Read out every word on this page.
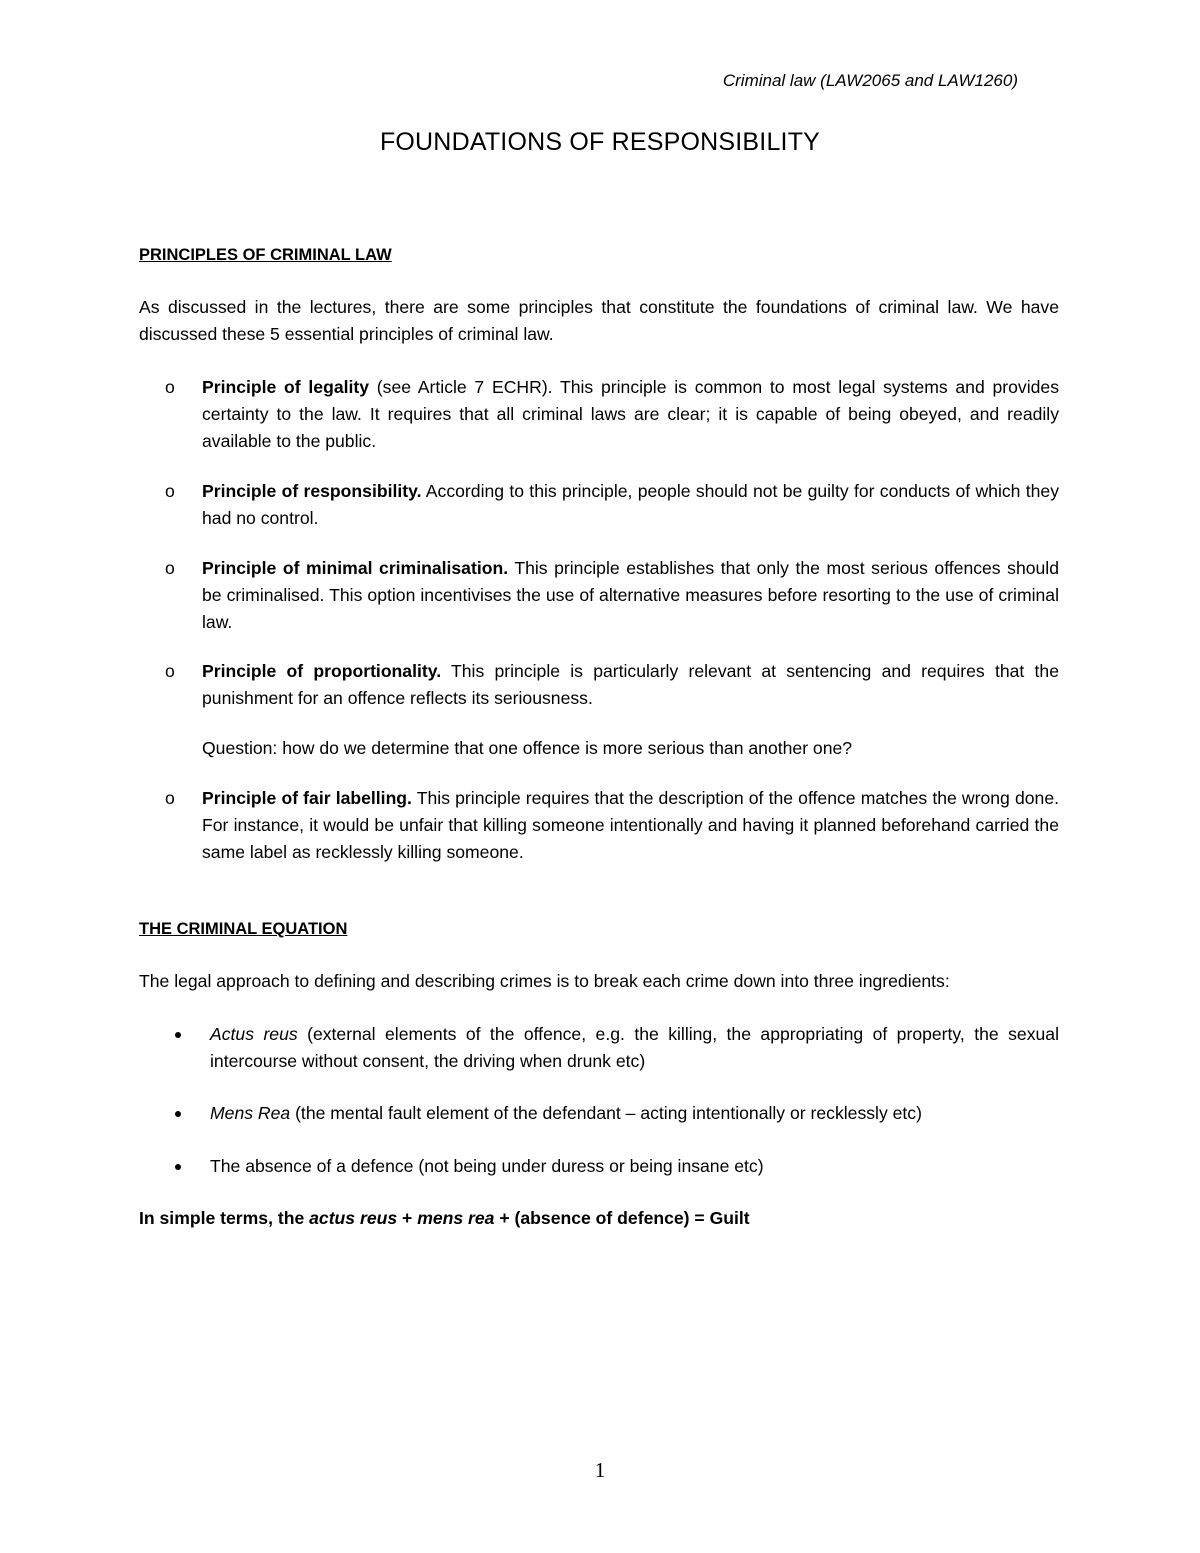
Criminal law (LAW2065 and LAW1260)
FOUNDATIONS OF RESPONSIBILITY
PRINCIPLES OF CRIMINAL LAW
As discussed in the lectures, there are some principles that constitute the foundations of criminal law. We have discussed these 5 essential principles of criminal law.
o	Principle of legality (see Article 7 ECHR). This principle is common to most legal systems and provides certainty to the law. It requires that all criminal laws are clear; it is capable of being obeyed, and readily available to the public.
o	Principle of responsibility. According to this principle, people should not be guilty for conducts of which they had no control.
o	Principle of minimal criminalisation. This principle establishes that only the most serious offences should be criminalised. This option incentivises the use of alternative measures before resorting to the use of criminal law.
o	Principle of proportionality. This principle is particularly relevant at sentencing and requires that the punishment for an offence reflects its seriousness.
Question: how do we determine that one offence is more serious than another one?
o	Principle of fair labelling. This principle requires that the description of the offence matches the wrong done. For instance, it would be unfair that killing someone intentionally and having it planned beforehand carried the same label as recklessly killing someone.
THE CRIMINAL EQUATION
The legal approach to defining and describing crimes is to break each crime down into three ingredients:
Actus reus (external elements of the offence, e.g. the killing, the appropriating of property, the sexual intercourse without consent, the driving when drunk etc)
Mens Rea (the mental fault element of the defendant – acting intentionally or recklessly etc)
The absence of a defence (not being under duress or being insane etc)
In simple terms, the actus reus + mens rea + (absence of defence) = Guilt
1
